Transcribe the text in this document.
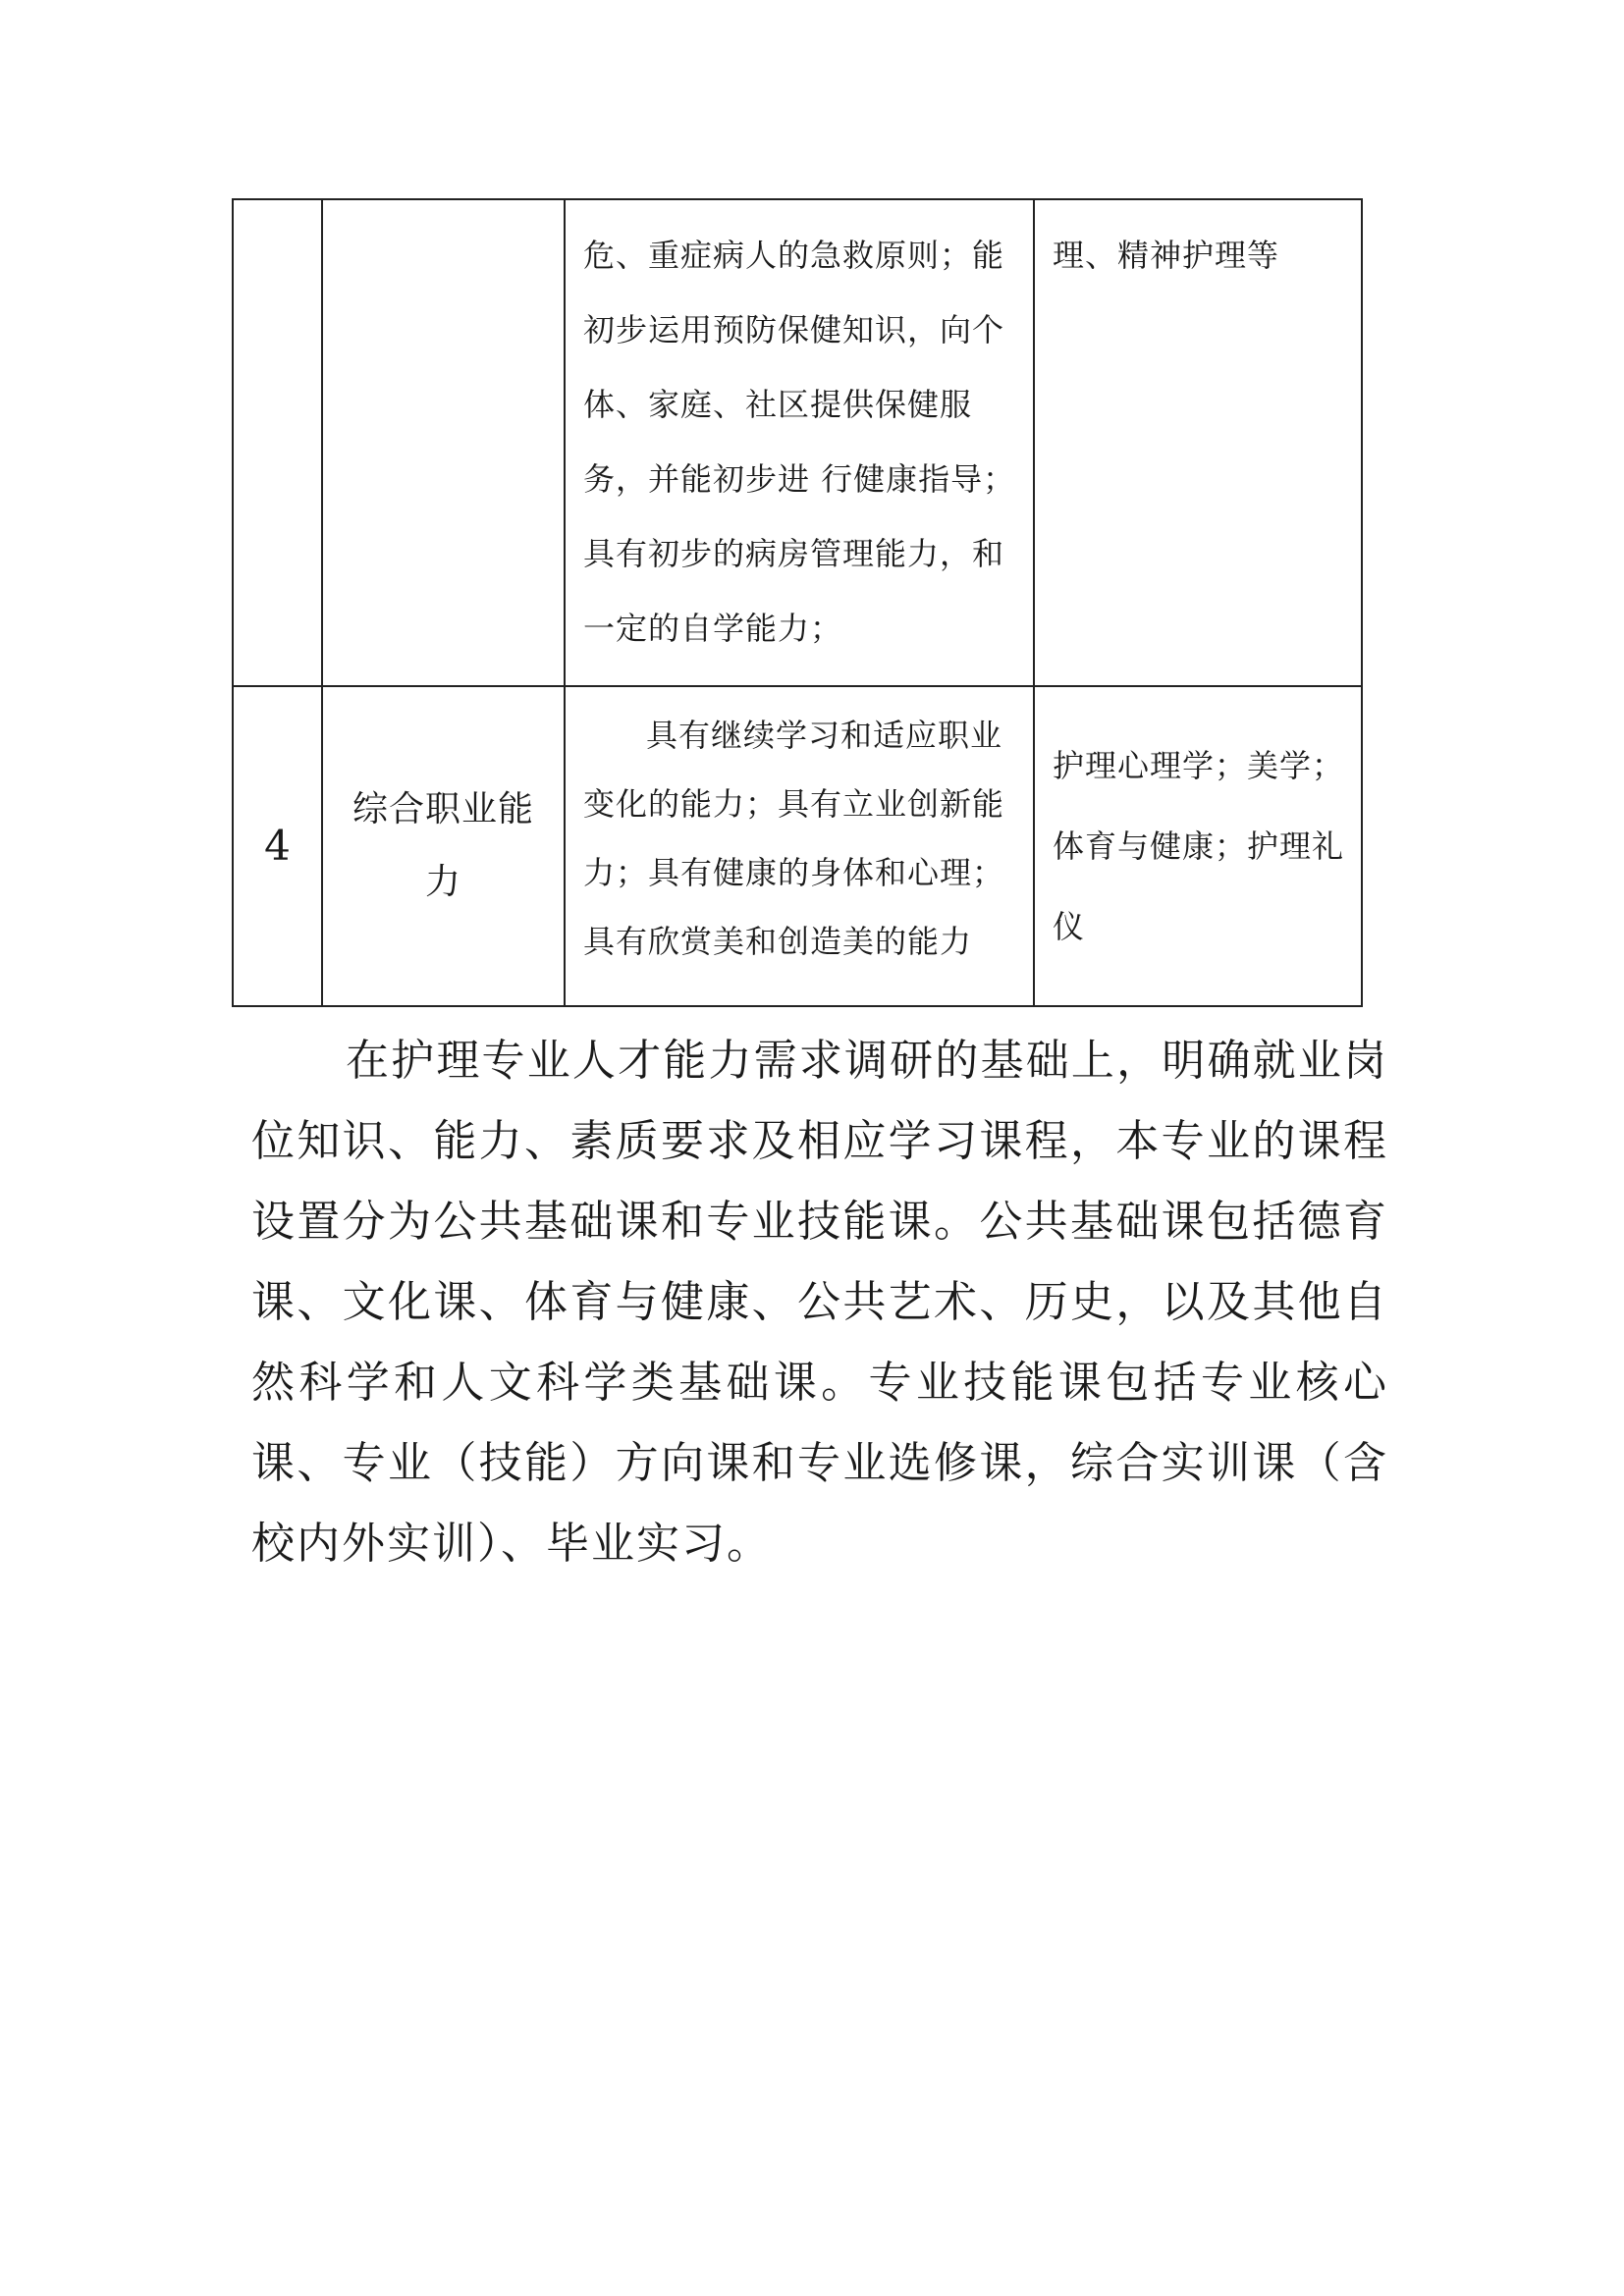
		危、重症病人的急救原则；能初步运用预防保健知识，向个体、家庭、社区提供保健服务，并能初步进 行健康指导；具有初步的病房管理能力，和一定的自学能力；	理、精神护理等

4	综合职业能力	具有继续学习和适应职业变化的能力；具有立业创新能力；具有健康的身体和心理；具有欣赏美和创造美的能力	护理心理学；美学；体育与健康；护理礼仪

在护理专业人才能力需求调研的基础上，明确就业岗位知识、能力、素质要求及相应学习课程，本专业的课程设置分为公共基础课和专业技能课。公共基础课包括德育课、文化课、体育与健康、公共艺术、历史，以及其他自然科学和人文科学类基础课。专业技能课包括专业核心课、专业（技能）方向课和专业选修课，综合实训课（含校内外实训）、毕业实习。
